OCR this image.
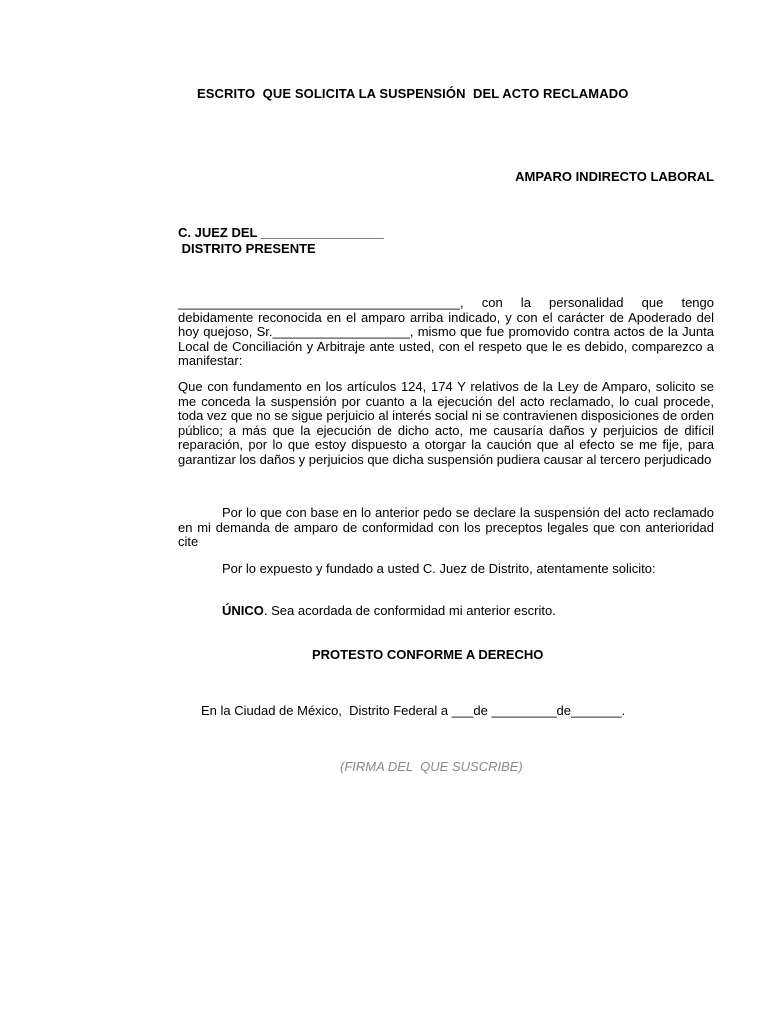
ESCRITO  QUE SOLICITA LA SUSPENSIÓN  DEL ACTO RECLAMADO
AMPARO INDIRECTO LABORAL
C. JUEZ DEL _________________
DISTRITO PRESENTE
_______________________________________, con la personalidad que tengo debidamente reconocida en el amparo arriba indicado, y con el carácter de Apoderado del hoy quejoso, Sr.___________________, mismo que fue promovido contra actos de la Junta Local de Conciliación y Arbitraje ante usted, con el respeto que le es debido, comparezco a manifestar:
Que con fundamento en los artículos 124, 174 Y relativos de la Ley de Amparo, solicito se me conceda la suspensión por cuanto a la ejecución del acto reclamado, lo cual procede, toda vez que no se sigue perjuicio al interés social ni se contravienen disposiciones de orden público; a más que la ejecución de dicho acto, me causaría daños y perjuicios de difícil reparación, por lo que estoy dispuesto a otorgar la caución que al efecto se me fije, para garantizar los daños y perjuicios que dicha suspensión pudiera causar al tercero perjudicado
Por lo que con base en lo anterior pedo se declare la suspensión del acto reclamado en mi demanda de amparo de conformidad con los preceptos legales que con anterioridad cite
Por lo expuesto y fundado a usted C. Juez de Distrito, atentamente solicito:
ÚNICO. Sea acordada de conformidad mi anterior escrito.
PROTESTO CONFORME A DERECHO
En la Ciudad de México,  Distrito Federal a ___de _________de_______.
(FIRMA DEL  QUE SUSCRIBE)
